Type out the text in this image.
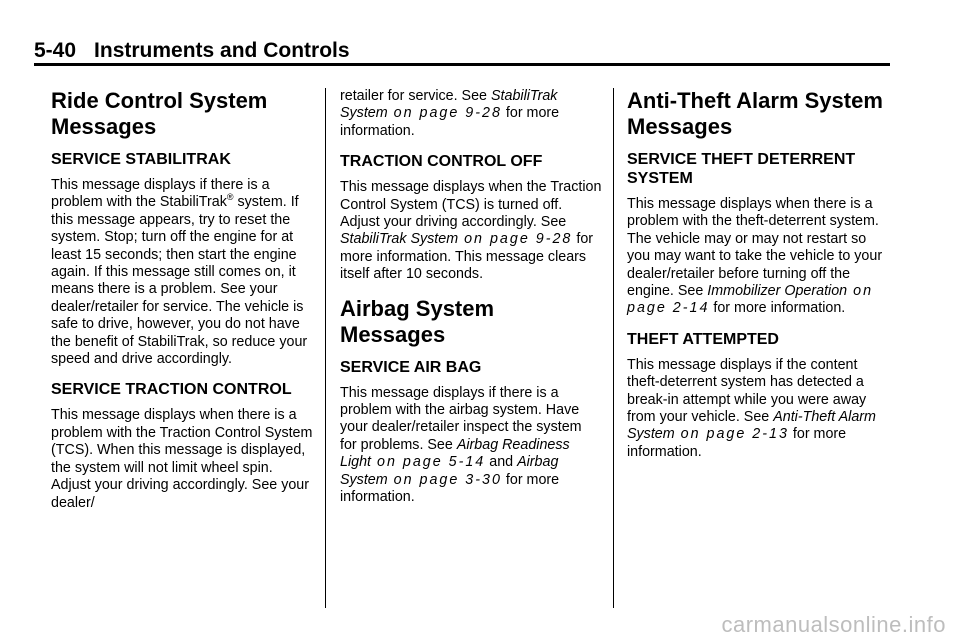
5-40 Instruments and Controls
Ride Control System Messages
SERVICE STABILITRAK

This message displays if there is a problem with the StabiliTrak® system. If this message appears, try to reset the system. Stop; turn off the engine for at least 15 seconds; then start the engine again. If this message still comes on, it means there is a problem. See your dealer/retailer for service. The vehicle is safe to drive, however, you do not have the benefit of StabiliTrak, so reduce your speed and drive accordingly.

SERVICE TRACTION CONTROL

This message displays when there is a problem with the Traction Control System (TCS). When this message is displayed, the system will not limit wheel spin. Adjust your driving accordingly. See your dealer/

retailer for service. See StabiliTrak System on page 9‑28 for more information.

TRACTION CONTROL OFF

This message displays when the Traction Control System (TCS) is turned off. Adjust your driving accordingly. See StabiliTrak System on page 9‑28 for more information. This message clears itself after 10 seconds.

Airbag System Messages
SERVICE AIR BAG

This message displays if there is a problem with the airbag system. Have your dealer/retailer inspect the system for problems. See Airbag Readiness Light on page 5‑14 and Airbag System on page 3‑30 for more information.

Anti-Theft Alarm System Messages
SERVICE THEFT DETERRENT SYSTEM

This message displays when there is a problem with the theft-deterrent system. The vehicle may or may not restart so you may want to take the vehicle to your dealer/retailer before turning off the engine. See Immobilizer Operation on page 2‑14 for more information.

THEFT ATTEMPTED

This message displays if the content theft-deterrent system has detected a break-in attempt while you were away from your vehicle. See Anti-Theft Alarm System on page 2‑13 for more information.

carmanualsonline.info
